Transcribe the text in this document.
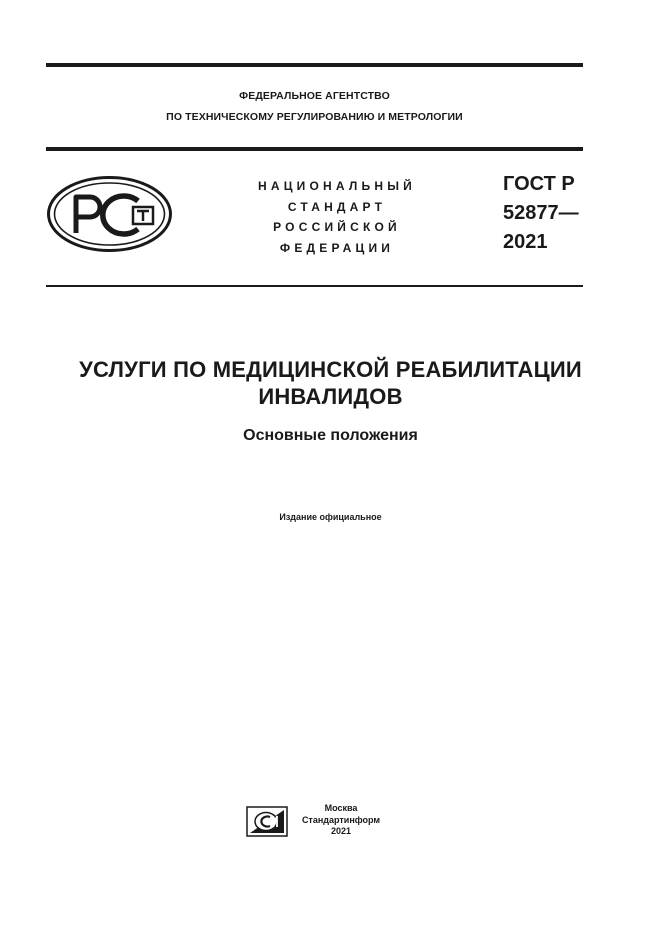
ФЕДЕРАЛЬНОЕ АГЕНТСТВО
ПО ТЕХНИЧЕСКОМУ РЕГУЛИРОВАНИЮ И МЕТРОЛОГИИ
НАЦИОНАЛЬНЫЙ
СТАНДАРТ
РОССИЙСКОЙ
ФЕДЕРАЦИИ
ГОСТ Р
52877—
2021
УСЛУГИ ПО МЕДИЦИНСКОЙ РЕАБИЛИТАЦИИ
ИНВАЛИДОВ
Основные положения
Издание официальное
Москва
Стандартинформ
2021
